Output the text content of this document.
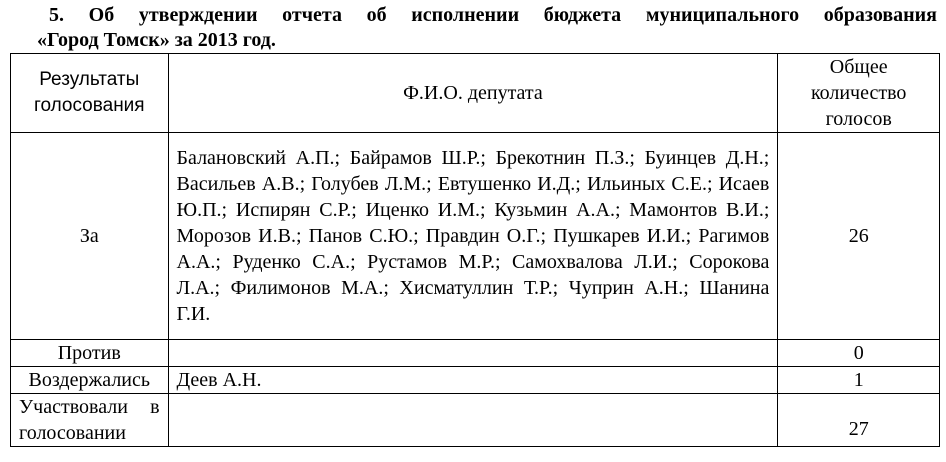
5. Об утверждении отчета об исполнении бюджета муниципального образования
«Город Томск» за 2013 год.
Результаты голосования	Ф.И.О. депутата	Общее количество голосов
За	Балановский А.П.; Байрамов Ш.Р.; Брекотнин П.З.; Буинцев Д.Н.; Васильев А.В.; Голубев Л.М.; Евтушенко И.Д.; Ильиных С.Е.; Исаев Ю.П.; Испирян С.Р.; Иценко И.М.; Кузьмин А.А.; Мамонтов В.И.; Морозов И.В.; Панов С.Ю.; Правдин О.Г.; Пушкарев И.И.; Рагимов А.А.; Руденко С.А.; Рустамов М.Р.; Самохвалова Л.И.; Сорокова Л.А.; Филимонов М.А.; Хисматуллин Т.Р.; Чуприн А.Н.; Шанина Г.И.	26
Против		0
Воздержались	Деев А.Н.	1
Участвовали в голосовании		27
